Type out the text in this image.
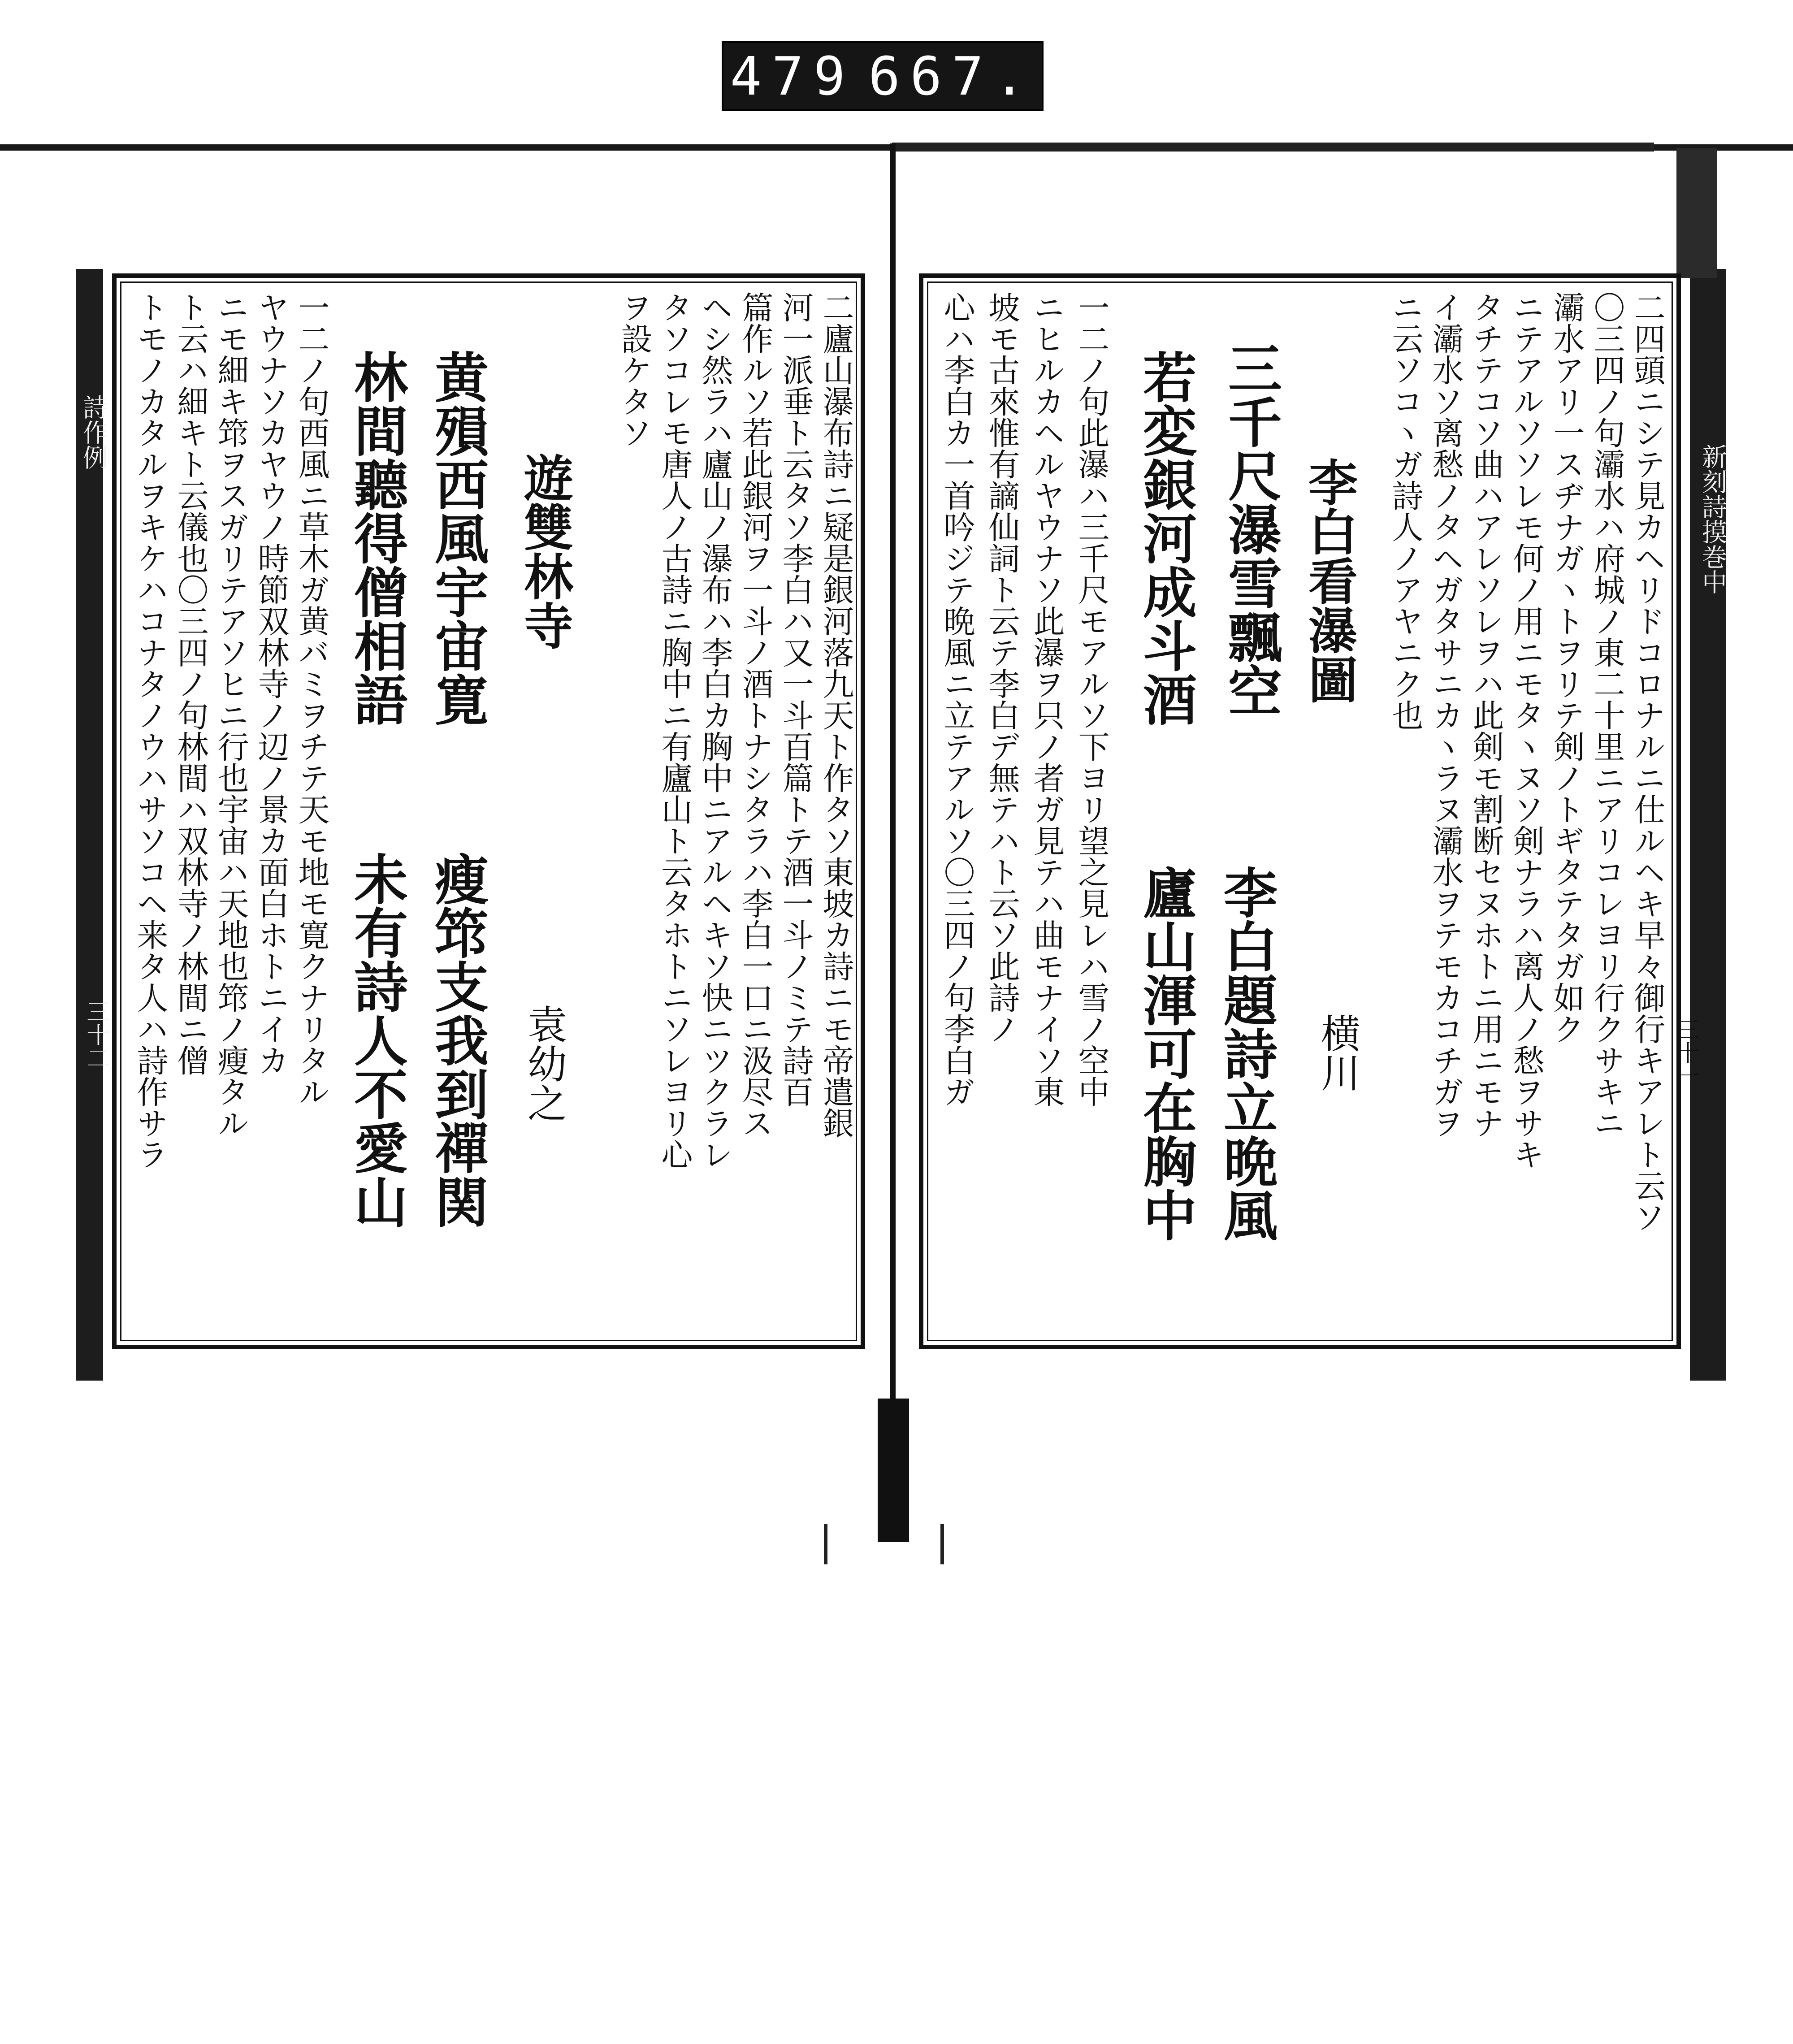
479 667.
詩作例
新刻詩摸巻中
三十二	三十一
二廬山瀑布詩ニ疑是銀河落九天ト作タソ東坡カ詩ニモ帝遣銀
河一派垂ト云タソ李白ハ又一斗百篇トテ酒一斗ノミテ詩百
篇作ルソ若此銀河ヲ一斗ノ酒トナシタラハ李白一口ニ汲尽ス
ヘシ然ラハ廬山ノ瀑布ハ李白カ胸中ニアルヘキソ快ニツクラレ
タソコレモ唐人ノ古詩ニ胸中ニ有廬山ト云タホトニソレヨリ心
ヲ設ケタソ
遊雙林寺
黄殞西風宇宙寛
林間聽得僧相語
袁幼之
瘦筇支我到禪関
未有詩人不愛山
一二ノ句西風ニ草木ガ黄バミヲチテ天モ地モ寛クナリタル
ヤウナソカヤウノ時節双林寺ノ辺ノ景カ面白ホトニイカ
ニモ細キ筇ヲスガリテアソヒニ行也宇宙ハ天地也筇ノ瘦タル
ト云ハ細キト云儀也〇三四ノ句林間ハ双林寺ノ林間ニ僧
トモノカタルヲキケハコナタノウハサソコヘ来タ人ハ詩作サラ	二四頭ニシテ見カヘリドコロナルニ仕ルヘキ早々御行キアレト云ソ
〇三四ノ句灞水ハ府城ノ東二十里ニアリコレヨリ行クサキニ
灞水アリ一スヂナガヽトヲリテ剣ノトギタテタガ如ク
ニテアルソソレモ何ノ用ニモタヽヌソ剣ナラハ离人ノ愁ヲサキ
タチテコソ曲ハアレソレヲハ此剣モ割断セヌホトニ用ニモナ
イ灞水ソ离愁ノタヘガタサニカヽラヌ灞水ヲテモカコチガヲ
ニ云ソコヽガ詩人ノアヤニク也
李白看瀑圖
横川
三千尺瀑雪飄空
若変銀河成斗酒
李白題詩立晩風
廬山渾可在胸中
一二ノ句此瀑ハ三千尺モアルソ下ヨリ望之見レハ雪ノ空中
ニヒルカヘルヤウナソ此瀑ヲ只ノ者ガ見テハ曲モナイソ東
坡モ古來惟有謫仙詞ト云テ李白デ無テハト云ソ此詩ノ
心ハ李白カ一首吟ジテ晩風ニ立テアルソ〇三四ノ句李白ガ
